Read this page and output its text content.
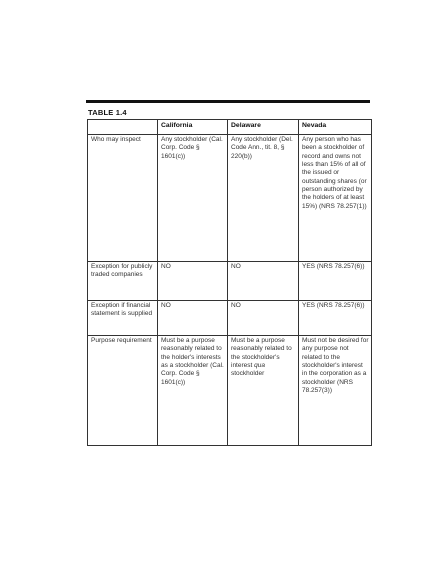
TABLE 1.4
	California	Delaware	Nevada
Who may inspect	Any stockholder (Cal. Corp. Code § 1601(c))	Any stockholder (Del. Code Ann., tit. 8, § 220(b))	Any person who has been a stockholder of record and owns not less than 15% of all of the issued or outstanding shares (or person authorized by the holders of at least 15%) (NRS 78.257(1))
Exception for publicly traded companies	NO	NO	YES (NRS 78.257(6))
Exception if financial statement is supplied	NO	NO	YES (NRS 78.257(6))
Purpose requirement	Must be a purpose reasonably related to the holder's interests as a stockholder (Cal. Corp. Code § 1601(c))	Must be a purpose reasonably related to the stockholder's interest qua stockholder	Must not be desired for any purpose not related to the stockholder's interest in the corporation as a stockholder (NRS 78.257(3))
